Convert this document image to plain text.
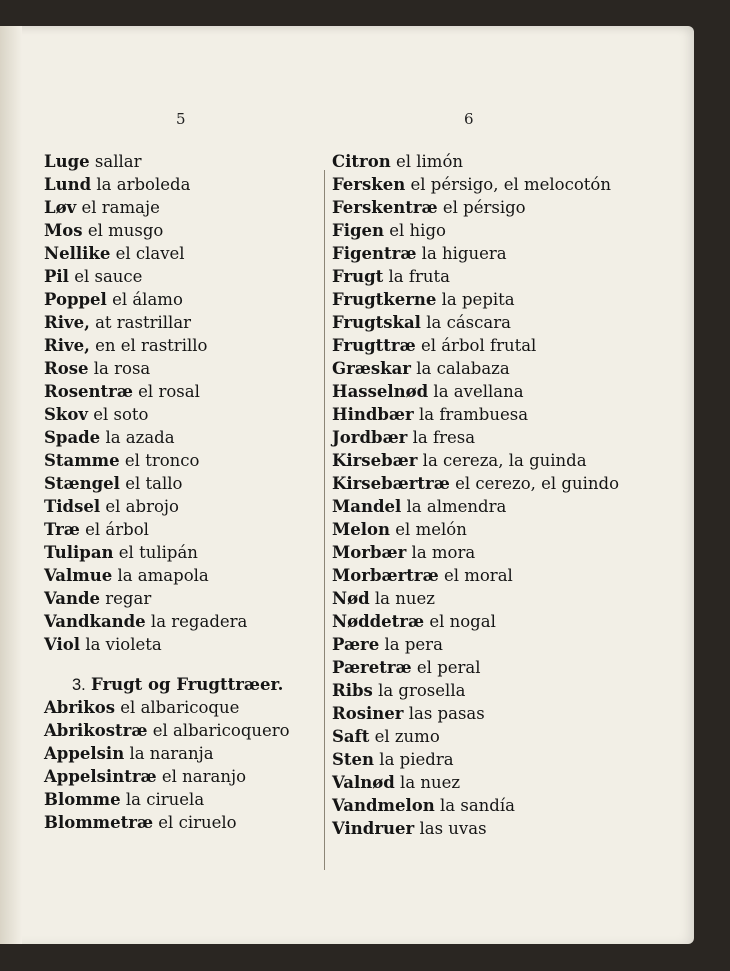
5	6
Luge sallar
Lund la arboleda
Løv el ramaje
Mos el musgo
Nellike el clavel
Pil el sauce
Poppel el álamo
Rive, at rastrillar
Rive, en el rastrillo
Rose la rosa
Rosentræ el rosal
Skov el soto
Spade la azada
Stamme el tronco
Stængel el tallo
Tidsel el abrojo
Træ el árbol
Tulipan el tulipán
Valmue la amapola
Vande regar
Vandkande la regadera
Viol la violeta
3. Frugt og Frugttræer.
Abrikos el albaricoque
Abrikostræ el albaricoquero
Appelsin la naranja
Appelsintræ el naranjo
Blomme la ciruela
Blommetræ el ciruelo
Citron el limón
Fersken el pérsigo, el melocotón
Ferskentræ el pérsigo
Figen el higo
Figentræ la higuera
Frugt la fruta
Frugtkerne la pepita
Frugtskal la cáscara
Frugttræ el árbol frutal
Græskar la calabaza
Hasselnød la avellana
Hindbær la frambuesa
Jordbær la fresa
Kirsebær la cereza, la guinda
Kirsebærtræ el cerezo, el guindo
Mandel la almendra
Melon el melón
Morbær la mora
Morbærtræ el moral
Nød la nuez
Nøddetræ el nogal
Pære la pera
Pæretræ el peral
Ribs la grosella
Rosiner las pasas
Saft el zumo
Sten la piedra
Valnød la nuez
Vandmelon la sandía
Vindruer las uvas
